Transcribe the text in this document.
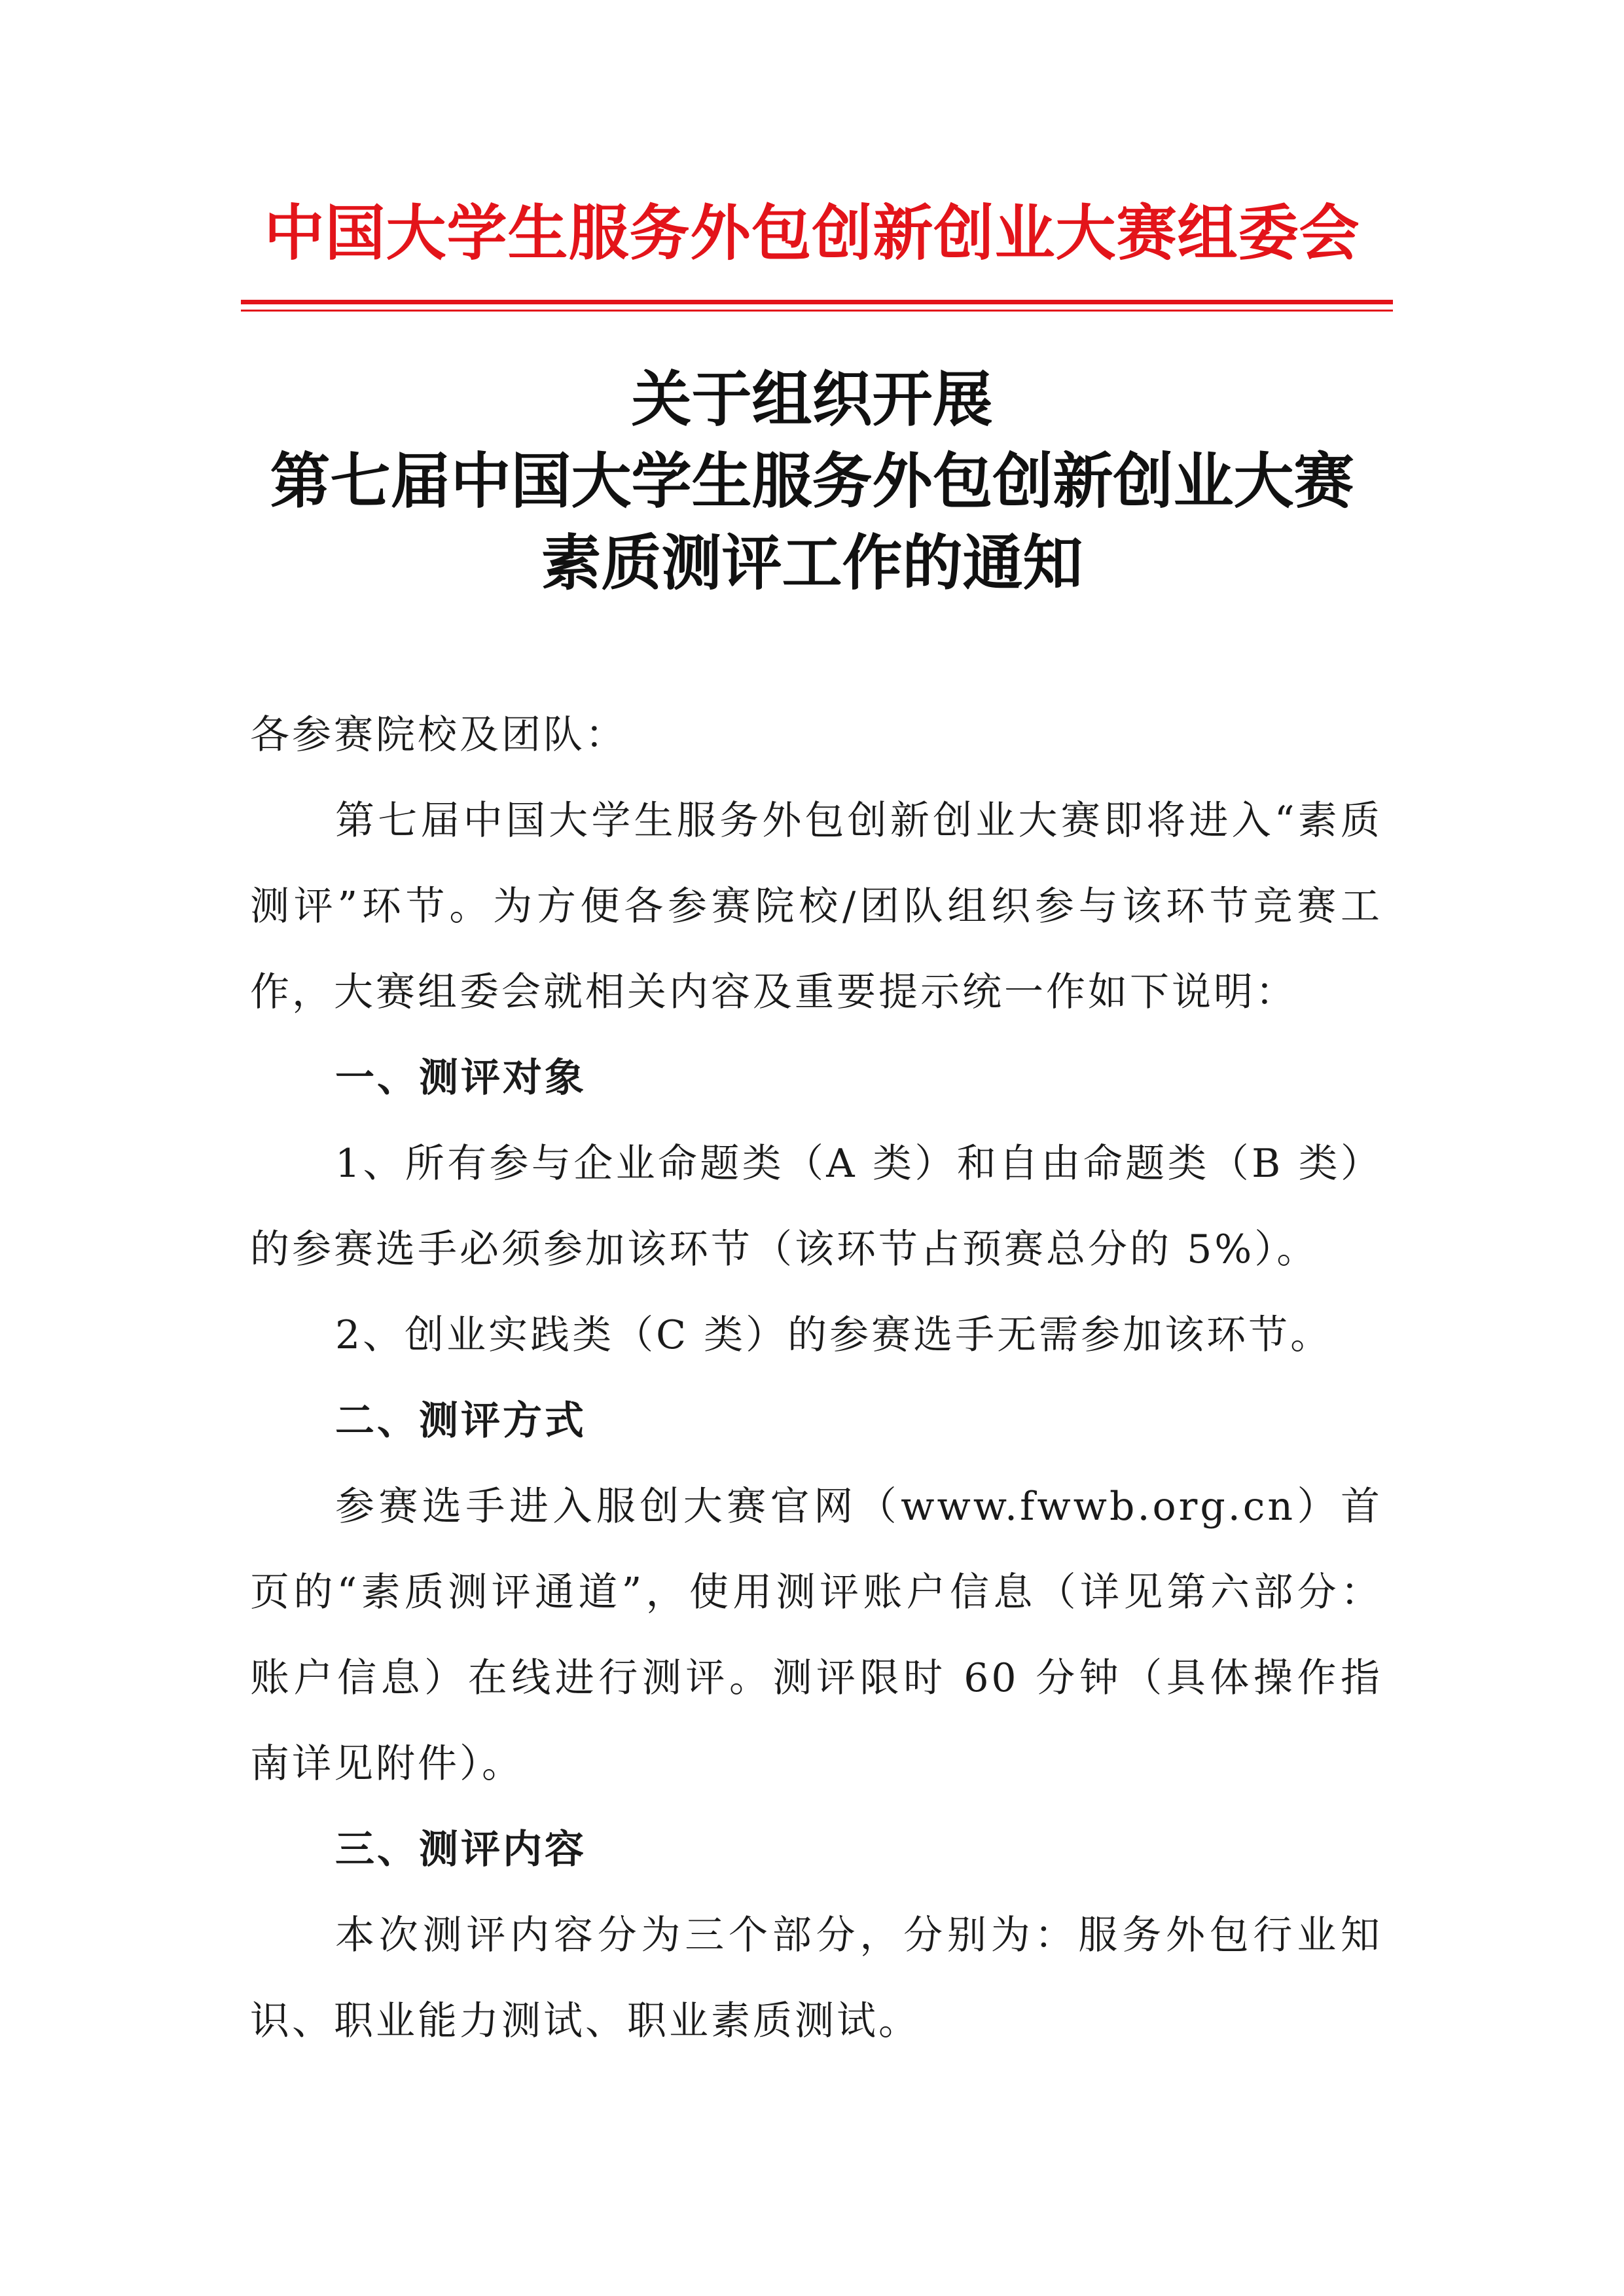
中国大学生服务外包创新创业大赛组委会
关于组织开展
第七届中国大学生服务外包创新创业大赛
素质测评工作的通知

各参赛院校及团队：

第七届中国大学生服务外包创新创业大赛即将进入“素质测评”环节。为方便各参赛院校/团队组织参与该环节竞赛工作，大赛组委会就相关内容及重要提示统一作如下说明：

一、测评对象

1、所有参与企业命题类（A 类）和自由命题类（B 类）的参赛选手必须参加该环节（该环节占预赛总分的 5%）。

2、创业实践类（C 类）的参赛选手无需参加该环节。

二、测评方式

参赛选手进入服创大赛官网（www.fwwb.org.cn）首页的“素质测评通道”，使用测评账户信息（详见第六部分：账户信息）在线进行测评。测评限时 60 分钟（具体操作指南详见附件）。

三、测评内容

本次测评内容分为三个部分，分别为：服务外包行业知识、职业能力测试、职业素质测试。
